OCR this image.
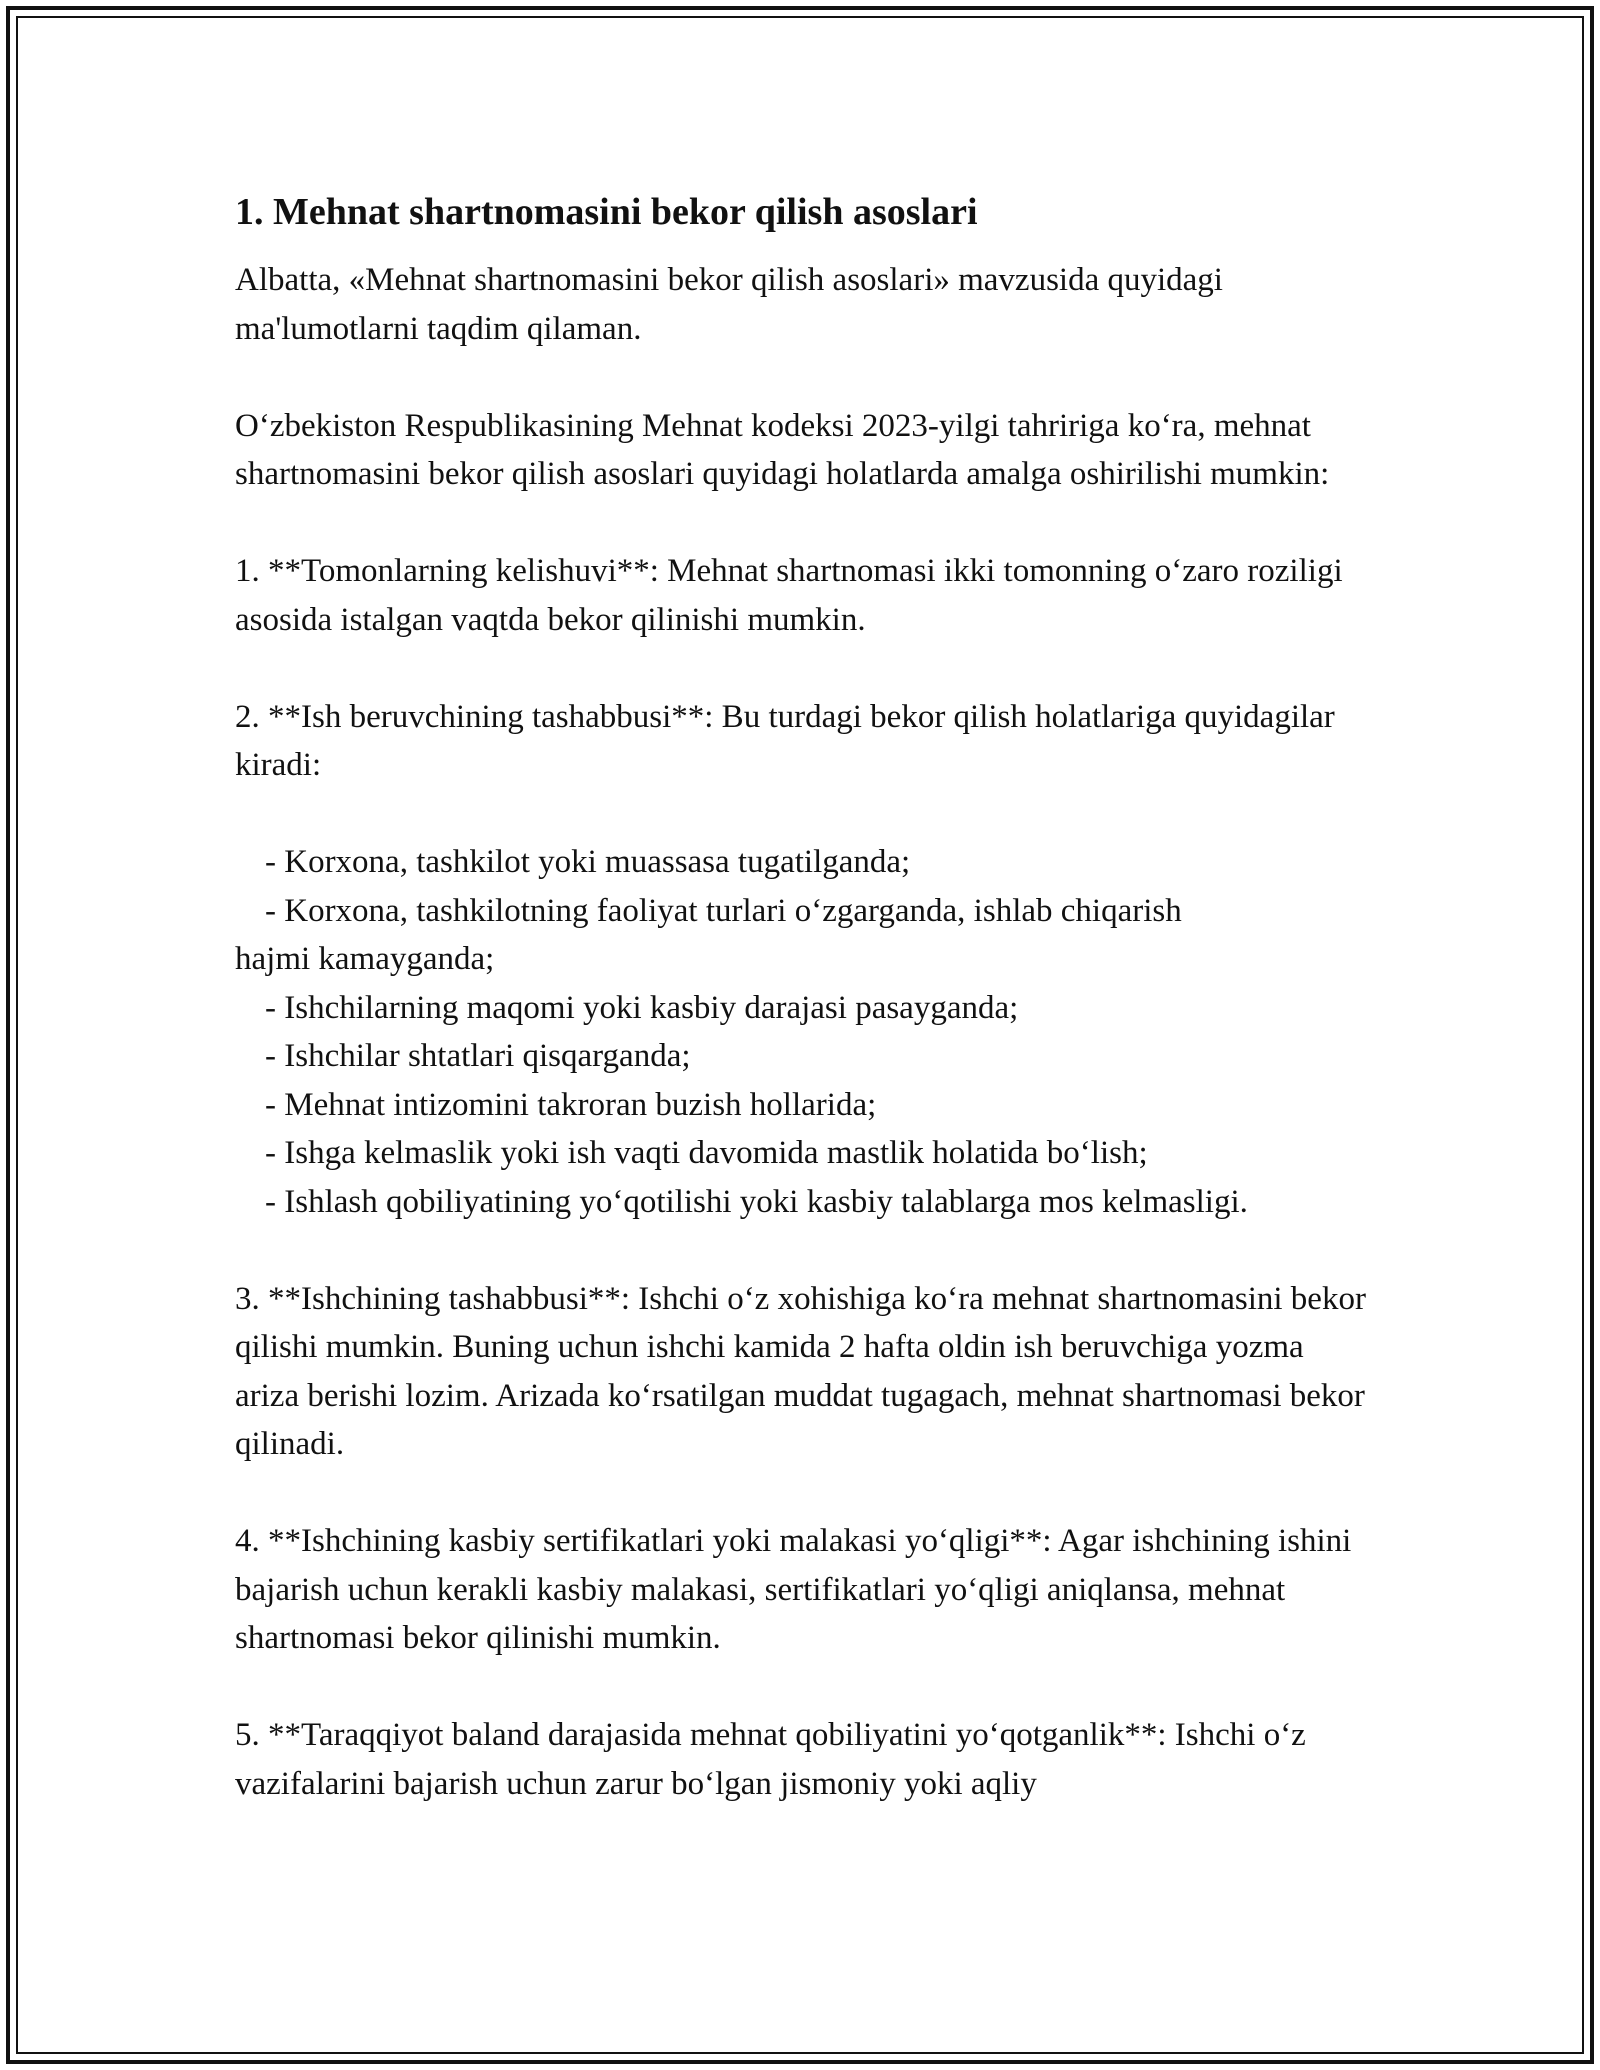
1. Mehnat shartnomasini bekor qilish asoslari

Albatta, «Mehnat shartnomasini bekor qilish asoslari» mavzusida quyidagi ma'lumotlarni taqdim qilaman.

Oʻzbekiston Respublikasining Mehnat kodeksi 2023-yilgi tahririga koʻra, mehnat shartnomasini bekor qilish asoslari quyidagi holatlarda amalga oshirilishi mumkin:

1. **Tomonlarning kelishuvi**: Mehnat shartnomasi ikki tomonning oʻzaro roziligi asosida istalgan vaqtda bekor qilinishi mumkin.

2. **Ish beruvchining tashabbusi**: Bu turdagi bekor qilish holatlariga quyidagilar kiradi:

- Korxona, tashkilot yoki muassasa tugatilganda;

- Korxona, tashkilotning faoliyat turlari oʻzgarganda, ishlab chiqarish

hajmi kamayganda;

- Ishchilarning maqomi yoki kasbiy darajasi pasayganda;

- Ishchilar shtatlari qisqarganda;

- Mehnat intizomini takroran buzish hollarida;

- Ishga kelmaslik yoki ish vaqti davomida mastlik holatida boʻlish;

- Ishlash qobiliyatining yoʻqotilishi yoki kasbiy talablarga mos kelmasligi.

3. **Ishchining tashabbusi**: Ishchi oʻz xohishiga koʻra mehnat shartnomasini bekor qilishi mumkin. Buning uchun ishchi kamida 2 hafta oldin ish beruvchiga yozma ariza berishi lozim. Arizada koʻrsatilgan muddat tugagach, mehnat shartnomasi bekor qilinadi.

4. **Ishchining kasbiy sertifikatlari yoki malakasi yoʻqligi**: Agar ishchining ishini bajarish uchun kerakli kasbiy malakasi, sertifikatlari yoʻqligi aniqlansa, mehnat shartnomasi bekor qilinishi mumkin.

5. **Taraqqiyot baland darajasida mehnat qobiliyatini yoʻqotganlik**: Ishchi oʻz vazifalarini bajarish uchun zarur boʻlgan jismoniy yoki aqliy
